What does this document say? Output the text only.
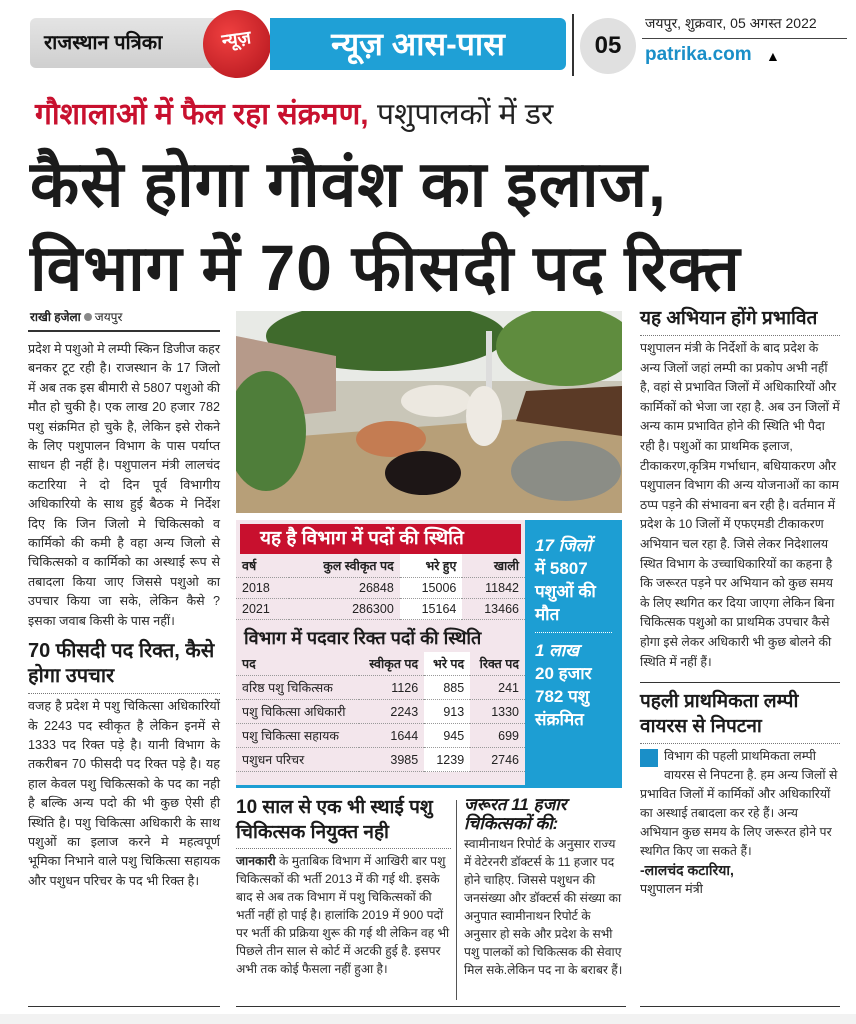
राजस्थान पत्रिका	न्यूज़	न्यूज़ आस-पास	05
जयपुर, शुक्रवार, 05 अगस्त 2022
patrika.com ▲
गौशालाओं में फैल रहा संक्रमण, पशुपालकों में डर
कैसे होगा गौवंश का इलाज,
विभाग में 70 फीसदी पद रिक्त
राखी हजेला जयपुर

प्रदेश मे पशुओ मे लम्पी स्किन डिजीज कहर बनकर टूट रही है। राजस्थान के 17 जिलो में अब तक इस बीमारी से 5807 पशुओ की मौत हो चुकी है। एक लाख 20 हजार 782 पशु संक्रमित हो चुके है, लेकिन इसे रोकने के लिए पशुपालन विभाग के पास पर्याप्त साधन ही नहीं है। पशुपालन मंत्री लालचंद कटारिया ने दो दिन पूर्व विभागीय अधिकारियो के साथ हुई बैठक मे निर्देश दिए कि जिन जिलो मे चिकित्सको व कार्मिको की कमी है वहा अन्य जिलो से चिकित्सको व कार्मिको का अस्थाई रूप से तबादला किया जाए जिससे पशुओ का उपचार किया जा सके, लेकिन कैसे ? इसका जवाब किसी के पास नहीं।

70 फीसदी पद रिक्त, कैसे होगा उपचार

वजह है प्रदेश मे पशु चिकित्सा अधिकारियों के 2243 पद स्वीकृत है लेकिन इनमें से 1333 पद रिक्त पड़े है। यानी विभाग के तकरीबन 70 फीसदी पद रिक्त पड़े है। यह हाल केवल पशु चिकित्सको के पद का नही है बल्कि अन्य पदो की भी कुछ ऐसी ही स्थिति है। पशु चिकित्सा अधिकारी के साथ पशुओं का इलाज करने मे महत्वपूर्ण भूमिका निभाने वाले पशु चिकित्सा सहायक और पशुधन परिचर के पद भी रिक्त है।

यह है विभाग में पदों की स्थिति
वर्ष	कुल स्वीकृत पद	भरे हुए	खाली
2018	26848	15006	11842
2021	286300	15164	13466
विभाग में पदवार रिक्त पदों की स्थिति
पद	स्वीकृत पद	भरे पद	रिक्त पद
वरिष्ठ पशु चिकित्सक	1126	885	241
पशु चिकित्सा अधिकारी	2243	913	1330
पशु चिकित्सा सहायक	1644	945	699
पशुधन परिचर	3985	1239	2746
17 जिलों
में 5807 पशुओं की मौत
1 लाख
20 हजार 782 पशु संक्रमित
10 साल से एक भी स्थाई पशु चिकित्सक नियुक्त नही

जानकारी के मुताबिक विभाग में आखिरी बार पशु चिकित्सकों की भर्ती 2013 में की गई थी. इसके बाद से अब तक विभाग में पशु चिकित्सकों की भर्ती नहीं हो पाई है। हालांकि 2019 में 900 पदों पर भर्ती की प्रक्रिया शुरू की गई थी लेकिन वह भी पिछले तीन साल से कोर्ट में अटकी हुई है. इसपर अभी तक कोई फैसला नहीं हुआ है।

जरूरत 11 हजार चिकित्सकों की:

स्वामीनाथन रिपोर्ट के अनुसार राज्य में वेटेरनरी डॉक्टर्स के 11 हजार पद होने चाहिए. जिससे पशुधन की जनसंख्या और डॉक्टर्स की संख्या का अनुपात स्वामीनाथन रिपोर्ट के अनुसार हो सके और प्रदेश के सभी पशु पालकों को चिकित्सक की सेवाए मिल सके.लेकिन पद ना के बराबर हैं।

यह अभियान होंगे प्रभावित

पशुपालन मंत्री के निर्देशों के बाद प्रदेश के अन्य जिलों जहां लम्पी का प्रकोप अभी नहीं है, वहां से प्रभावित जिलों में अधिकारियों और कार्मिकों को भेजा जा रहा है. अब उन जिलों में अन्य काम प्रभावित होने की स्थिति भी पैदा रही है। पशुओं का प्राथमिक इलाज, टीकाकरण,कृत्रिम गर्भाधान, बधियाकरण और पशुपालन विभाग की अन्य योजनाओं का काम ठप्प पड़ने की संभावना बन रही है। वर्तमान में प्रदेश के 10 जिलों में एफएमडी टीकाकरण अभियान चल रहा है. जिसे लेकर निदेशालय स्थित विभाग के उच्चाधिकारियों का कहना है कि जरूरत पड़ने पर अभियान को कुछ समय के लिए स्थगित कर दिया जाएगा लेकिन बिना चिकित्सक पशुओ का प्राथमिक उपचार कैसे होगा इसे लेकर अधिकारी भी कुछ बोलने की स्थिति में नहीं हैं।

पहली प्राथमिकता लम्पी वायरस से निपटना

विभाग की पहली प्राथमिकता लम्पी वायरस से निपटना है. हम अन्य जिलों से प्रभावित जिलों में कार्मिकों और अधिकारियों का अस्थाई तबादला कर रहे हैं। अन्य अभियान कुछ समय के लिए जरूरत होने पर स्थगित किए जा सकते हैं।

-लालचंद कटारिया,

पशुपालन मंत्री
